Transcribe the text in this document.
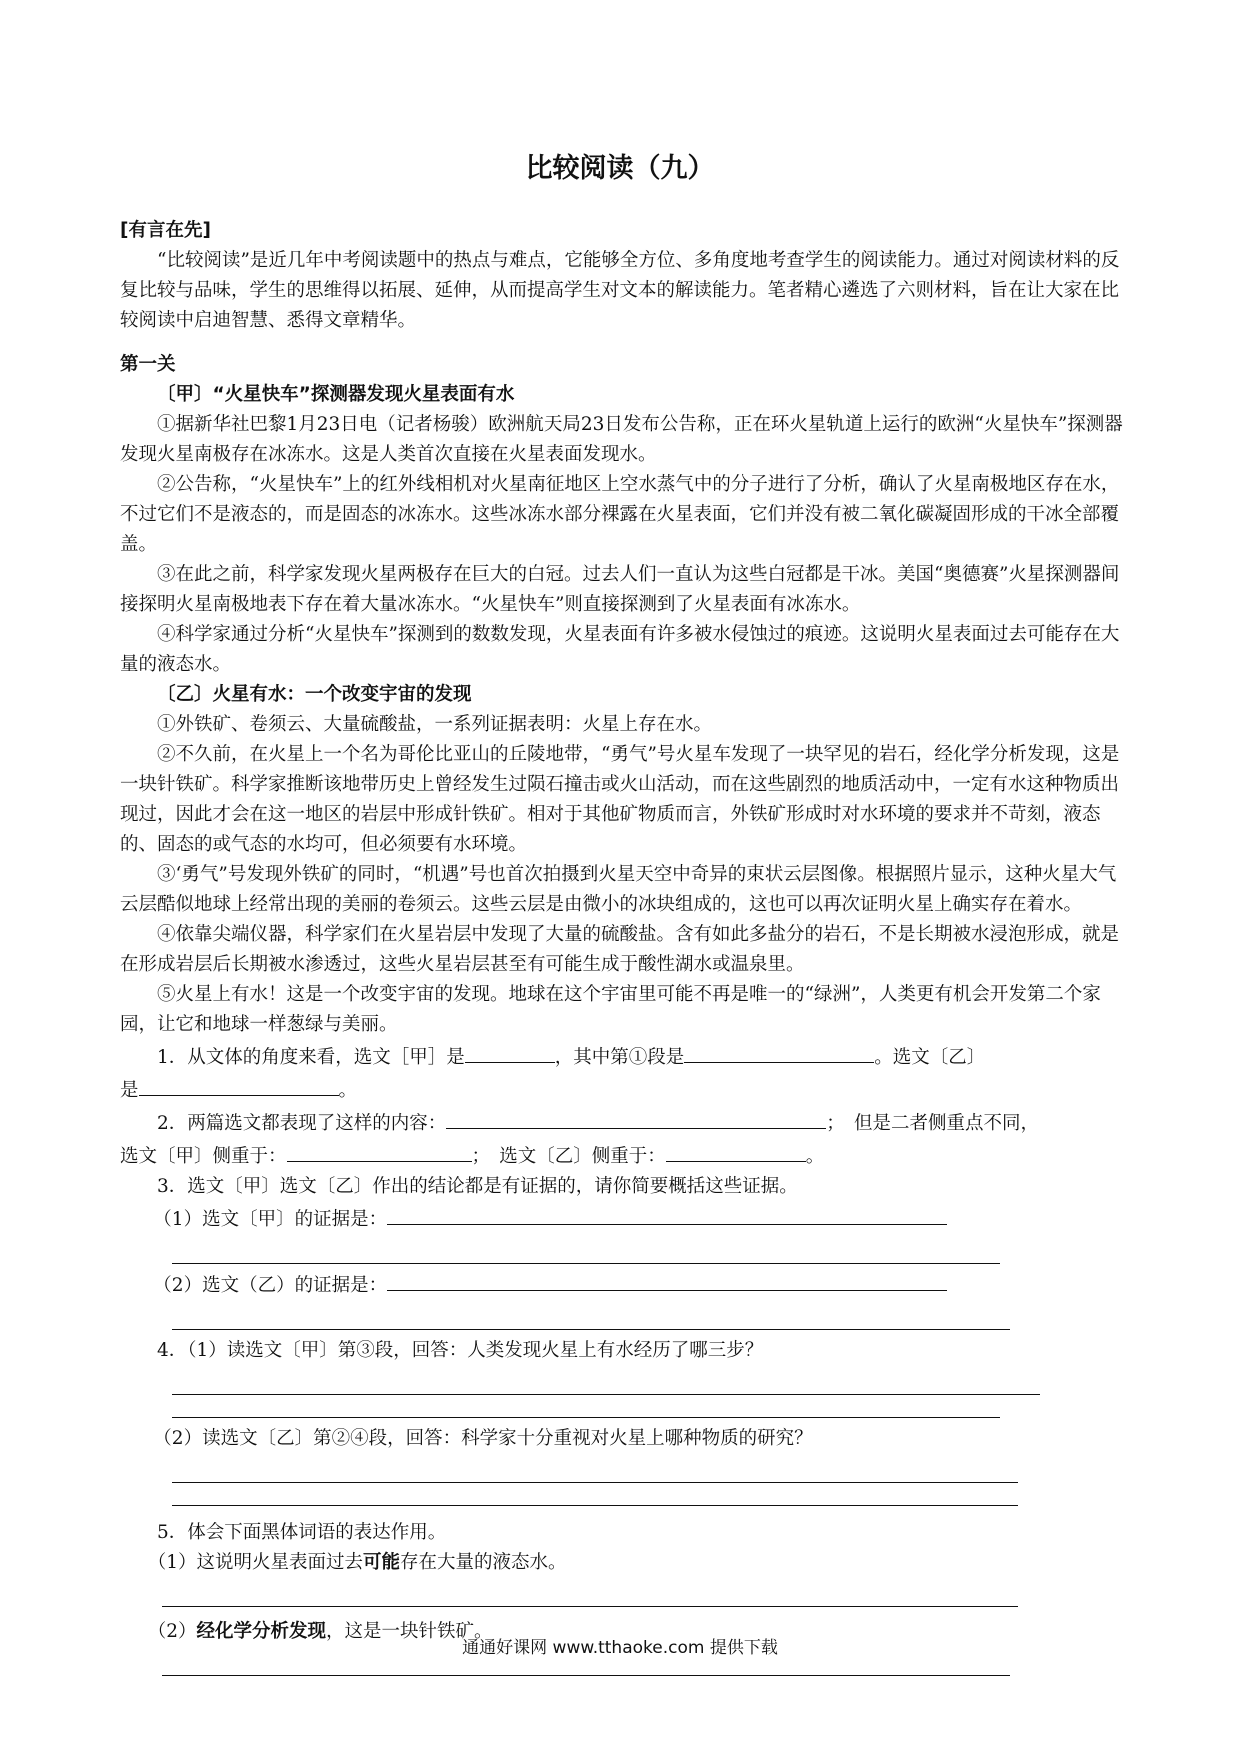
比较阅读（九）

[有言在先]

“比较阅读”是近几年中考阅读题中的热点与难点，它能够全方位、多角度地考查学生的阅读能力。通过对阅读材料的反复比较与品味，学生的思维得以拓展、延伸，从而提高学生对文本的解读能力。笔者精心遴选了六则材料，旨在让大家在比较阅读中启迪智慧、悉得文章精华。

第一关

〔甲〕“火星快车”探测器发现火星表面有水

①据新华社巴黎1月23日电（记者杨骏）欧洲航天局23日发布公告称，正在环火星轨道上运行的欧洲“火星快车”探测器发现火星南极存在冰冻水。这是人类首次直接在火星表面发现水。

②公告称，“火星快车”上的红外线相机对火星南征地区上空水蒸气中的分子进行了分析，确认了火星南极地区存在水，不过它们不是液态的，而是固态的冰冻水。这些冰冻水部分裸露在火星表面，它们并没有被二氧化碳凝固形成的干冰全部覆盖。

③在此之前，科学家发现火星两极存在巨大的白冠。过去人们一直认为这些白冠都是干冰。美国“奥德赛”火星探测器间接探明火星南极地表下存在着大量冰冻水。“火星快车”则直接探测到了火星表面有冰冻水。

④科学家通过分析“火星快车”探测到的数数发现，火星表面有许多被水侵蚀过的痕迹。这说明火星表面过去可能存在大量的液态水。

〔乙〕火星有水：一个改变宇宙的发现

①外铁矿、卷须云、大量硫酸盐，一系列证据表明：火星上存在水。

②不久前，在火星上一个名为哥伦比亚山的丘陵地带，“勇气”号火星车发现了一块罕见的岩石，经化学分析发现，这是一块针铁矿。科学家推断该地带历史上曾经发生过陨石撞击或火山活动，而在这些剧烈的地质活动中，一定有水这种物质出现过，因此才会在这一地区的岩层中形成针铁矿。相对于其他矿物质而言，外铁矿形成时对水环境的要求并不苛刻，液态的、固态的或气态的水均可，但必须要有水环境。

③‘勇气”号发现外铁矿的同时，“机遇”号也首次拍摄到火星天空中奇异的束状云层图像。根据照片显示，这种火星大气云层酷似地球上经常出现的美丽的卷须云。这些云层是由微小的冰块组成的，这也可以再次证明火星上确实存在着水。

④依靠尖端仪器，科学家们在火星岩层中发现了大量的硫酸盐。含有如此多盐分的岩石，不是长期被水浸泡形成，就是在形成岩层后长期被水渗透过，这些火星岩层甚至有可能生成于酸性湖水或温泉里。

⑤火星上有水！这是一个改变宇宙的发现。地球在这个宇宙里可能不再是唯一的“绿洲”，人类更有机会开发第二个家园，让它和地球一样葱绿与美丽。

1．从文体的角度来看，选文［甲］是	，其中第①段是	。选文〔乙〕

是	。

2．两篇选文都表现了这样的内容：	；　但是二者侧重点不同，

选文〔甲〕侧重于：	；　选文〔乙〕侧重于：	。

3．选文〔甲〕选文〔乙〕作出的结论都是有证据的，请你简要概括这些证据。

（1）选文〔甲〕的证据是：

（2）选文（乙）的证据是：

4．（1）读选文〔甲〕第③段，回答：人类发现火星上有水经历了哪三步？

（2）读选文〔乙〕第②④段，回答：科学家十分重视对火星上哪种物质的研究？

5．体会下面黑体词语的表达作用。

（1）这说明火星表面过去可能存在大量的液态水。

（2）经化学分析发现，这是一块针铁矿。

通通好课网 www.tthaoke.com 提供下载
